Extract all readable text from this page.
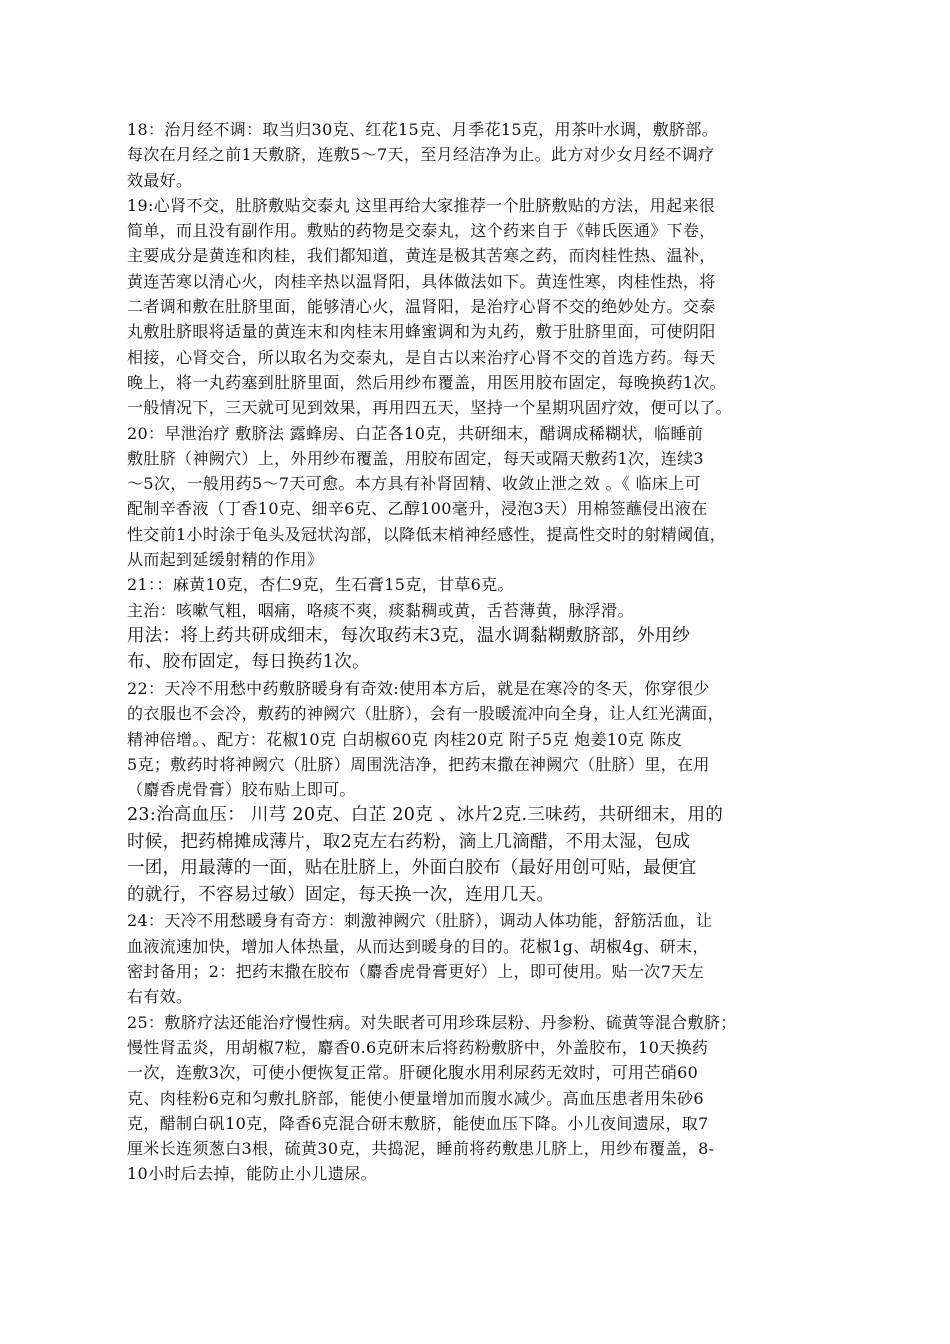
18：治月经不调：取当归30克、红花15克、月季花15克，用茶叶水调，敷脐部。
每次在月经之前1天敷脐，连敷5～7天，至月经洁净为止。此方对少女月经不调疗
效最好。
19:心肾不交，肚脐敷贴交泰丸 这里再给大家推荐一个肚脐敷贴的方法，用起来很
简单，而且没有副作用。敷贴的药物是交泰丸，这个药来自于《韩氏医通》下卷，
主要成分是黄连和肉桂，我们都知道，黄连是极其苦寒之药，而肉桂性热、温补，
黄连苦寒以清心火，肉桂辛热以温肾阳，具体做法如下。黄连性寒，肉桂性热，将
二者调和敷在肚脐里面，能够清心火，温肾阳，是治疗心肾不交的绝妙处方。交泰
丸敷肚脐眼将适量的黄连末和肉桂末用蜂蜜调和为丸药，敷于肚脐里面，可使阴阳
相接，心肾交合，所以取名为交泰丸，是自古以来治疗心肾不交的首选方药。每天
晚上，将一丸药塞到肚脐里面，然后用纱布覆盖，用医用胶布固定，每晚换药1次。
一般情况下，三天就可见到效果，再用四五天，坚持一个星期巩固疗效，便可以了。
20：早泄治疗 敷脐法 露蜂房、白芷各10克，共研细末，醋调成稀糊状，临睡前
敷肚脐（神阙穴）上，外用纱布覆盖，用胶布固定，每天或隔天敷药1次，连续3
～5次，一般用药5～7天可愈。本方具有补肾固精、收敛止泄之效 。《 临床上可
配制辛香液（丁香10克、细辛6克、乙醇100毫升，浸泡3天）用棉签蘸侵出液在
性交前1小时涂于龟头及冠状沟部，以降低末梢神经感性，提高性交时的射精阈值，
从而起到延缓射精的作用》
21：：麻黄10克，杏仁9克，生石膏15克，甘草6克。
主治：咳嗽气粗，咽痛，咯痰不爽，痰黏稠或黄，舌苔薄黄，脉浮滑。
用法：将上药共研成细末，每次取药末3克，温水调黏糊敷脐部，外用纱
布、胶布固定，每日换药1次。
22：天冷不用愁中药敷脐暖身有奇效:使用本方后，就是在寒冷的冬天，你穿很少
的衣服也不会冷，敷药的神阙穴（肚脐），会有一股暖流冲向全身，让人红光满面，
精神倍增。、配方：花椒10克 白胡椒60克 肉桂20克 附子5克 炮姜10克 陈皮
5克；敷药时将神阙穴（肚脐）周围洗洁净，把药末撒在神阙穴（肚脐）里，在用
（麝香虎骨膏）胶布贴上即可。
23:治高血压： 川芎 20克、白芷 20克 、冰片2克.三味药，共研细末，用的
时候，把药棉摊成薄片，取2克左右药粉，滴上几滴醋，不用太湿，包成
一团，用最薄的一面，贴在肚脐上，外面白胶布（最好用创可贴，最便宜
的就行，不容易过敏）固定，每天换一次，连用几天。
24：天冷不用愁暖身有奇方：刺激神阙穴（肚脐），调动人体功能，舒筋活血，让
血液流速加快，增加人体热量，从而达到暖身的目的。花椒1g、胡椒4g、研末，
密封备用；2：把药末撒在胶布（麝香虎骨膏更好）上，即可使用。贴一次7天左
右有效。
25：敷脐疗法还能治疗慢性病。对失眠者可用珍珠层粉、丹参粉、硫黄等混合敷脐；
慢性肾盂炎，用胡椒7粒，麝香0.6克研末后将药粉敷脐中，外盖胶布，10天换药
一次，连敷3次，可使小便恢复正常。肝硬化腹水用利尿药无效时，可用芒硝60
克、肉桂粉6克和匀敷扎脐部，能使小便量增加而腹水减少。高血压患者用朱砂6
克，醋制白矾10克，降香6克混合研末敷脐，能使血压下降。小儿夜间遗尿，取7
厘米长连须葱白3根，硫黄30克，共捣泥，睡前将药敷患儿脐上，用纱布覆盖，8-
10小时后去掉，能防止小儿遗尿。
